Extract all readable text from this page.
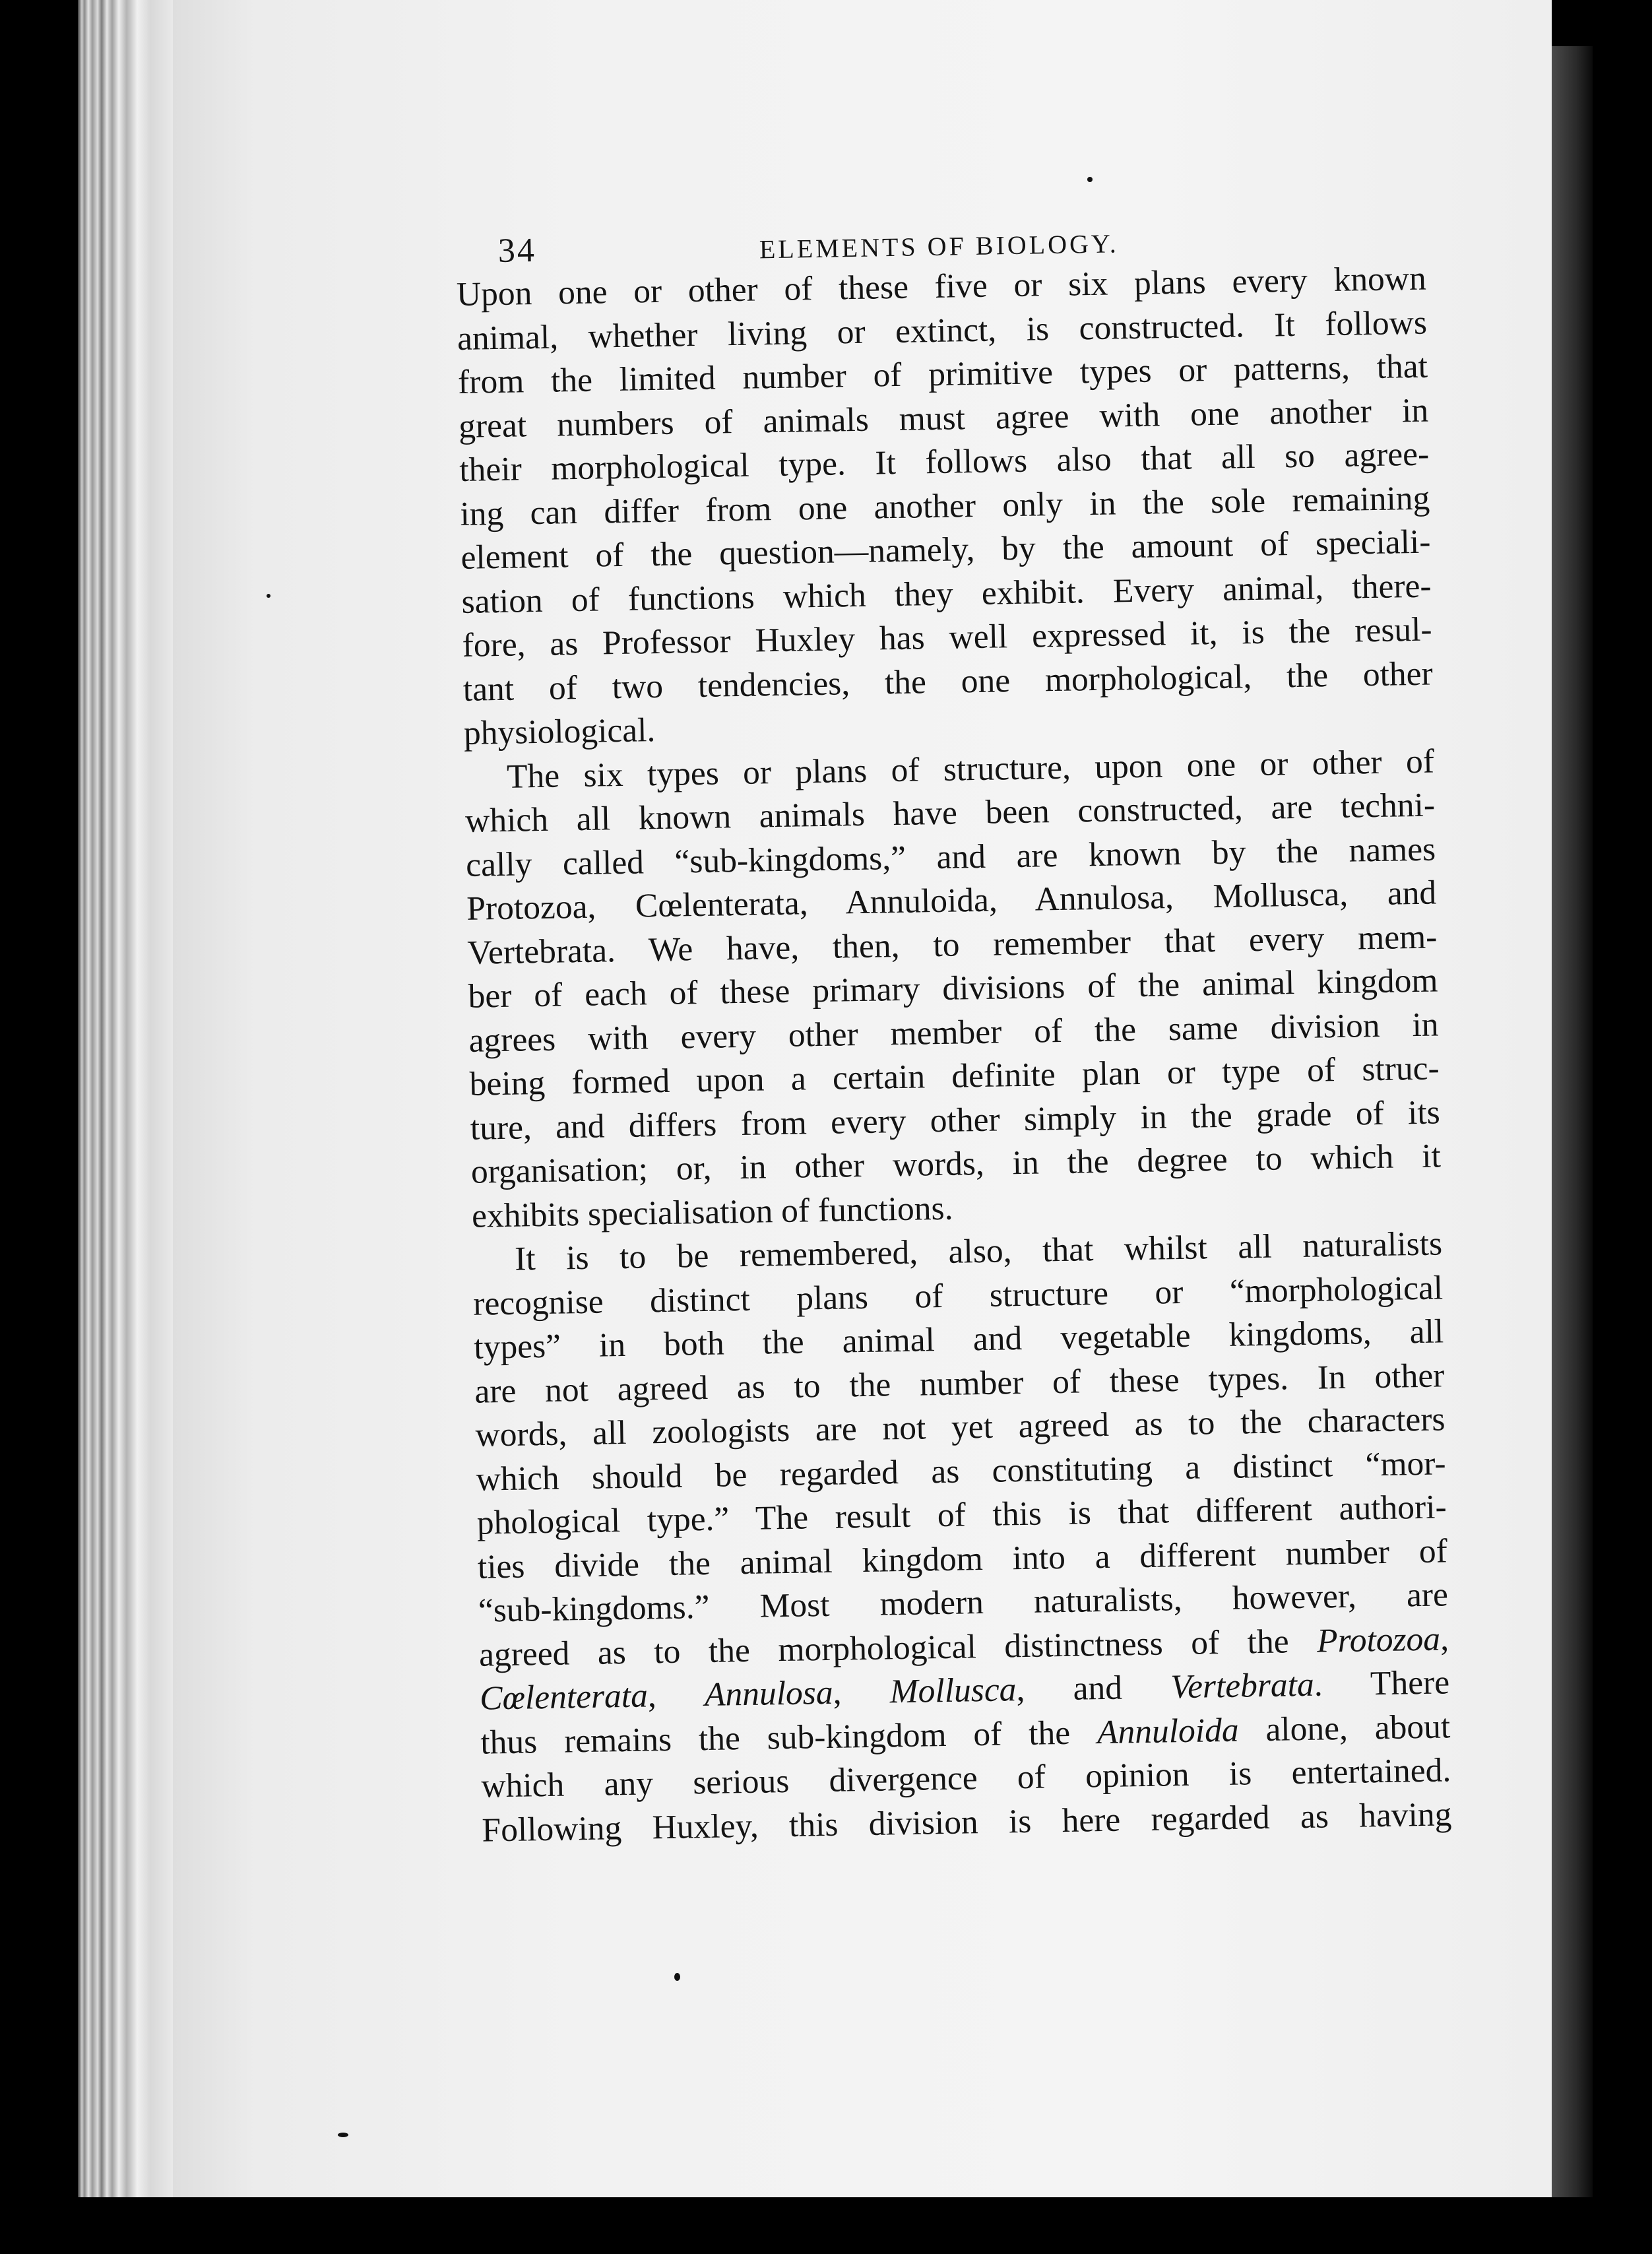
34	ELEMENTS OF BIOLOGY.

Upon one or other of these five or six plans every known
animal, whether living or extinct, is constructed. It follows
from the limited number of primitive types or patterns, that
great numbers of animals must agree with one another in
their morphological type. It follows also that all so agree-
ing can differ from one another only in the sole remaining
element of the question—namely, by the amount of speciali-
sation of functions which they exhibit. Every animal, there-
fore, as Professor Huxley has well expressed it, is the resul-
tant of two tendencies, the one morphological, the other
physiological.

The six types or plans of structure, upon one or other of
which all known animals have been constructed, are techni-
cally called “sub-kingdoms,” and are known by the names
Protozoa, Cœlenterata, Annuloida, Annulosa, Mollusca, and
Vertebrata. We have, then, to remember that every mem-
ber of each of these primary divisions of the animal kingdom
agrees with every other member of the same division in
being formed upon a certain definite plan or type of struc-
ture, and differs from every other simply in the grade of its
organisation; or, in other words, in the degree to which it
exhibits specialisation of functions.

It is to be remembered, also, that whilst all naturalists
recognise distinct plans of structure or “morphological
types” in both the animal and vegetable kingdoms, all
are not agreed as to the number of these types. In other
words, all zoologists are not yet agreed as to the characters
which should be regarded as constituting a distinct “mor-
phological type.” The result of this is that different authori-
ties divide the animal kingdom into a different number of
“sub-kingdoms.” Most modern naturalists, however, are
agreed as to the morphological distinctness of the Protozoa,
Cœlenterata, Annulosa, Mollusca, and Vertebrata. There
thus remains the sub-kingdom of the Annuloida alone, about
which any serious divergence of opinion is entertained.
Following Huxley, this division is here regarded as having
